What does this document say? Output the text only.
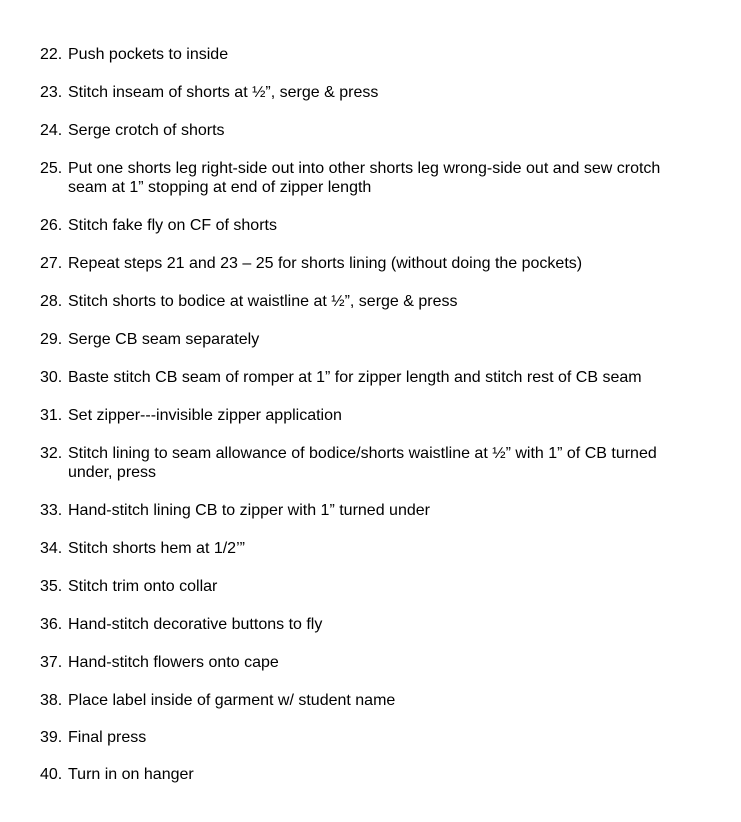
22. Push pockets to inside
23. Stitch inseam of shorts at ½”, serge & press
24. Serge crotch of shorts
25. Put one shorts leg right-side out into other shorts leg wrong-side out and sew crotch seam at 1” stopping at end of zipper length
26. Stitch fake fly on CF of shorts
27. Repeat steps 21 and 23 – 25 for shorts lining (without doing the pockets)
28. Stitch shorts to bodice at waistline at ½”, serge & press
29. Serge CB seam separately
30. Baste stitch CB seam of romper at 1” for zipper length and stitch rest of CB seam
31. Set zipper---invisible zipper application
32. Stitch lining to seam allowance of bodice/shorts waistline at ½” with 1” of CB turned under, press
33. Hand-stitch lining CB to zipper with 1” turned under
34. Stitch shorts hem at 1/2’”
35. Stitch trim onto collar
36. Hand-stitch decorative buttons to fly
37. Hand-stitch flowers onto cape
38. Place label inside of garment w/ student name
39. Final press
40. Turn in on hanger
